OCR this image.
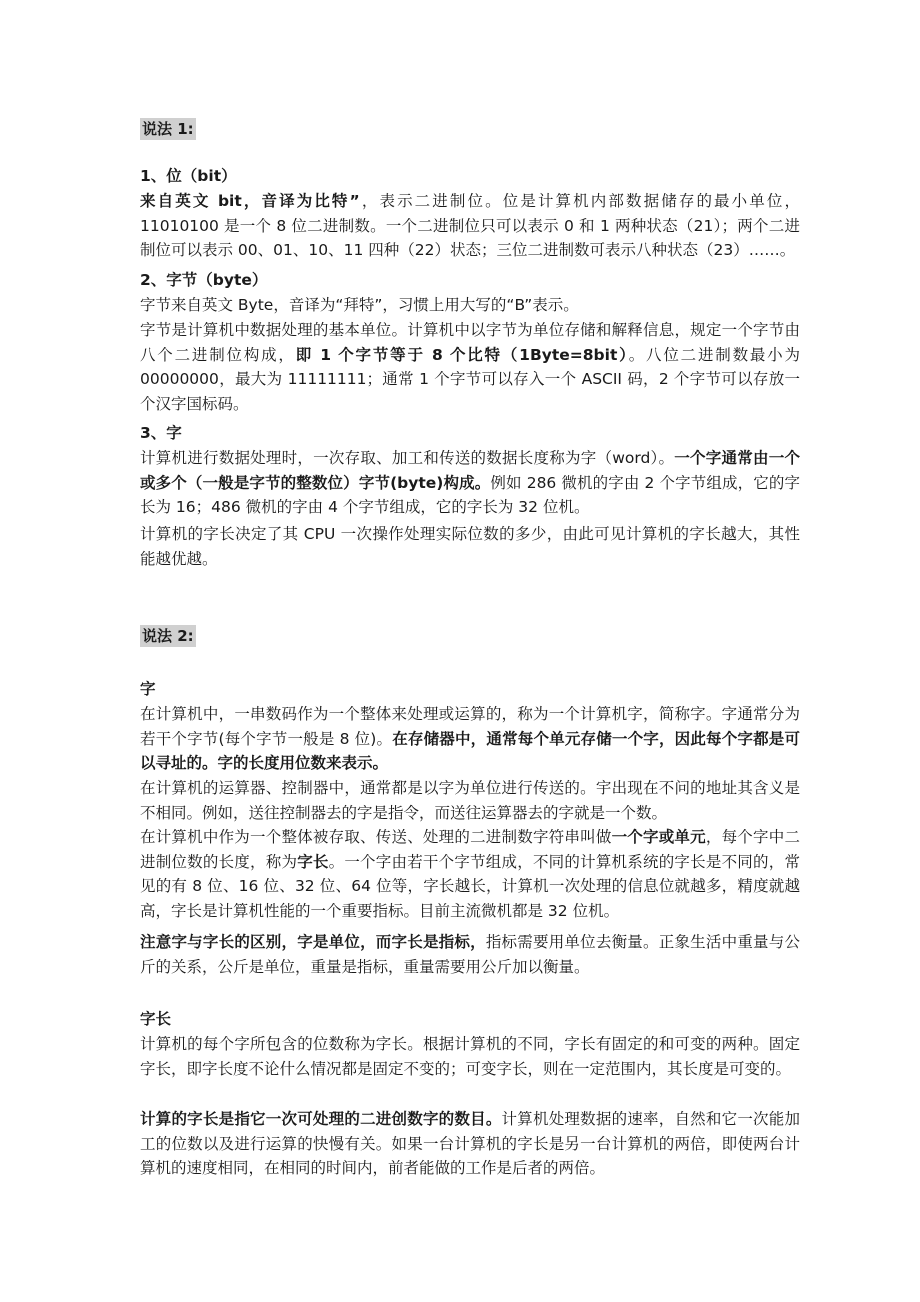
说法 1:
1、位（bit）
来自英文 bit，音译为比特”，表示二进制位。位是计算机内部数据储存的最小单位，11010100 是一个 8 位二进制数。一个二进制位只可以表示 0 和 1 两种状态（21）；两个二进制位可以表示 00、01、10、11 四种（22）状态；三位二进制数可表示八种状态（23）……。
2、字节（byte）
字节来自英文 Byte，音译为“拜特”，习惯上用大写的“B”表示。
字节是计算机中数据处理的基本单位。计算机中以字节为单位存储和解释信息，规定一个字节由八个二进制位构成，即 1 个字节等于 8 个比特（1Byte=8bit）。八位二进制数最小为 00000000，最大为 11111111；通常 1 个字节可以存入一个 ASCII 码，2 个字节可以存放一个汉字国标码。
3、字
计算机进行数据处理时，一次存取、加工和传送的数据长度称为字（word）。一个字通常由一个或多个（一般是字节的整数位）字节(byte)构成。例如 286 微机的字由 2 个字节组成，它的字长为 16；486 微机的字由 4 个字节组成，它的字长为 32 位机。
计算机的字长决定了其 CPU 一次操作处理实际位数的多少，由此可见计算机的字长越大，其性能越优越。
说法 2:
字
在计算机中，一串数码作为一个整体来处理或运算的，称为一个计算机字，简称字。字通常分为若干个字节(每个字节一般是 8 位)。在存储器中，通常每个单元存储一个字，因此每个字都是可以寻址的。字的长度用位数来表示。
在计算机的运算器、控制器中，通常都是以字为单位进行传送的。宇出现在不问的地址其含义是不相同。例如，送往控制器去的字是指令，而送往运算器去的字就是一个数。
在计算机中作为一个整体被存取、传送、处理的二进制数字符串叫做一个字或单元，每个字中二进制位数的长度，称为字长。一个字由若干个字节组成，不同的计算机系统的字长是不同的，常见的有 8 位、16 位、32 位、64 位等，字长越长，计算机一次处理的信息位就越多，精度就越高，字长是计算机性能的一个重要指标。目前主流微机都是 32 位机。
注意字与字长的区别，字是单位，而字长是指标，指标需要用单位去衡量。正象生活中重量与公斤的关系，公斤是单位，重量是指标，重量需要用公斤加以衡量。
字长
计算机的每个字所包含的位数称为字长。根据计算机的不同，字长有固定的和可变的两种。固定字长，即字长度不论什么情况都是固定不变的；可变字长，则在一定范围内，其长度是可变的。
计算的字长是指它一次可处理的二进创数字的数目。计算机处理数据的速率，自然和它一次能加工的位数以及进行运算的快慢有关。如果一台计算机的字长是另一台计算机的两倍，即使两台计算机的速度相同，在相同的时间内，前者能做的工作是后者的两倍。
